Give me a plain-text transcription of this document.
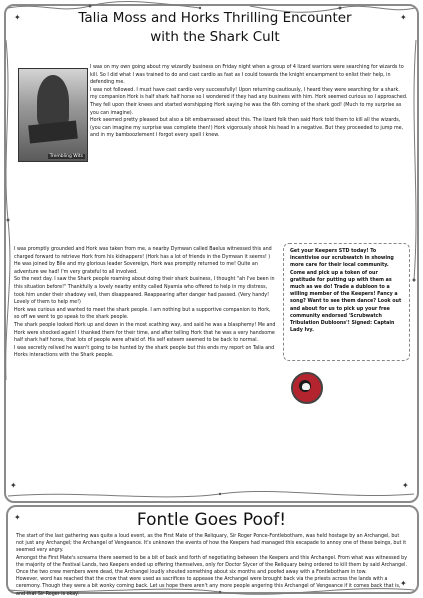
✦	✦
✦	✦
✦
✦
Talia Moss and Horks Thrilling Encounter
with the Shark Cult
Trembling Wits

I was on my own going about my wizardly business on Friday night when a group of 4 lizard warriors were searching for wizards to kill. So I did what I was trained to do and cast cardio as fast as I could towards the knight encampment to enlist their help, in defending me.

I was not followed. I must have cast cardio very successfully! Upon returning cautiously, I heard they were searching for a shark. my companion Hork is half shark half horse so I wondered if they had any business with him. Hork seemed curious so I approached. They fell upon their knees and started worshipping Hork saying he was the 6th coming of the shark god! (Much to my surprise as you can imagine).

Hork seemed pretty pleased but also a bit embarrassed about this. The lizard folk then said Hork told them to kill all the wizards, (you can imagine my surprise was complete then!) Hork vigorously shook his head in a negative. But they proceeded to jump me, and in my bamboozlement I forgot every spell I knew.

I was promptly grounded and Hork was taken from me, a nearby Dymwan called Baelus witnessed this and charged forward to retrieve Hork from his kidnappers! (Hork has a lot of friends in the Dymwan it seems! ) He was joined by Bile and my glorious leader Sovereign, Hork was promptly returned to me! Quite an adventure we had! I'm very grateful to all involved.

So the next day. I saw the Shark people roaming about doing their shark business, I thought "ah I've been in this situation before!" Thankfully a lovely nearby entity called Nyamia who offered to help in my distress, took him under their shadowy veil, then disappeared. Reappearing after danger had passed. (Very handy! Lovely of them to help me!)

Hork was curious and wanted to meet the shark people. I am nothing but a supportive companion to Hork, so off we went to go speak to the shark people.

The shark people looked Hork up and down in the most scathing way, and said he was a blasphemy! Me and Hork were shocked again! I thanked them for their time, and after telling Hork that he was a very handsome half shark half horse, that lots of people were afraid of. His self esteem seemed to be back to normal.

I was secretly relived he wasn't going to be hunted by the shark people but this ends my report on Talia and Horks interactions with the Shark people.

Get your Keepers STD today! To incentivise our scrubwatch in showing more care for their local community. Come and pick up a token of our gratitude for putting up with them as much as we do! Trade a dubloon to a willing member of the Keepers! Fancy a song? Want to see them dance? Look out and about for us to pick up your free community endorsed 'Scrubwatch Tribulation Dubloons'! Signed: Captain Lady Ivy.
Fontle Goes Poof!

The start of the last gathering was quite a loud event, as the First Mate of the Reliquary, Sir Roger Ponce-Fontlebotham, was held hostage by an Archangel, but not just any Archangel; the Archangel of Vengeance. It's unknown the events of how the Keepers had managed this escapade to annoy one of these beings, but it seemed very angry.

Amongst the First Mate's screams there seemed to be a bit of back and forth of negotiating between the Keepers and this Archangel. From what was witnessed by the majority of the Festival Lands, two Keepers ended up offering themselves, only for Doctor Slycer of the Reliquary being ordered to kill them by said Archangel.

Once the two crew members were dead, the Archangel loudly shouted something about six months and poofed away with a Fontlebotham in tow.

However, word has reached that the crow that were used as sacrifices to appease the Archangel were brought back via the priests across the lands with a ceremony. Though they were a bit wonky coming back. Let us hope there aren't any more people angering this Archangel of Vengeance if it comes back that is, and that Sir Roger is okay.
